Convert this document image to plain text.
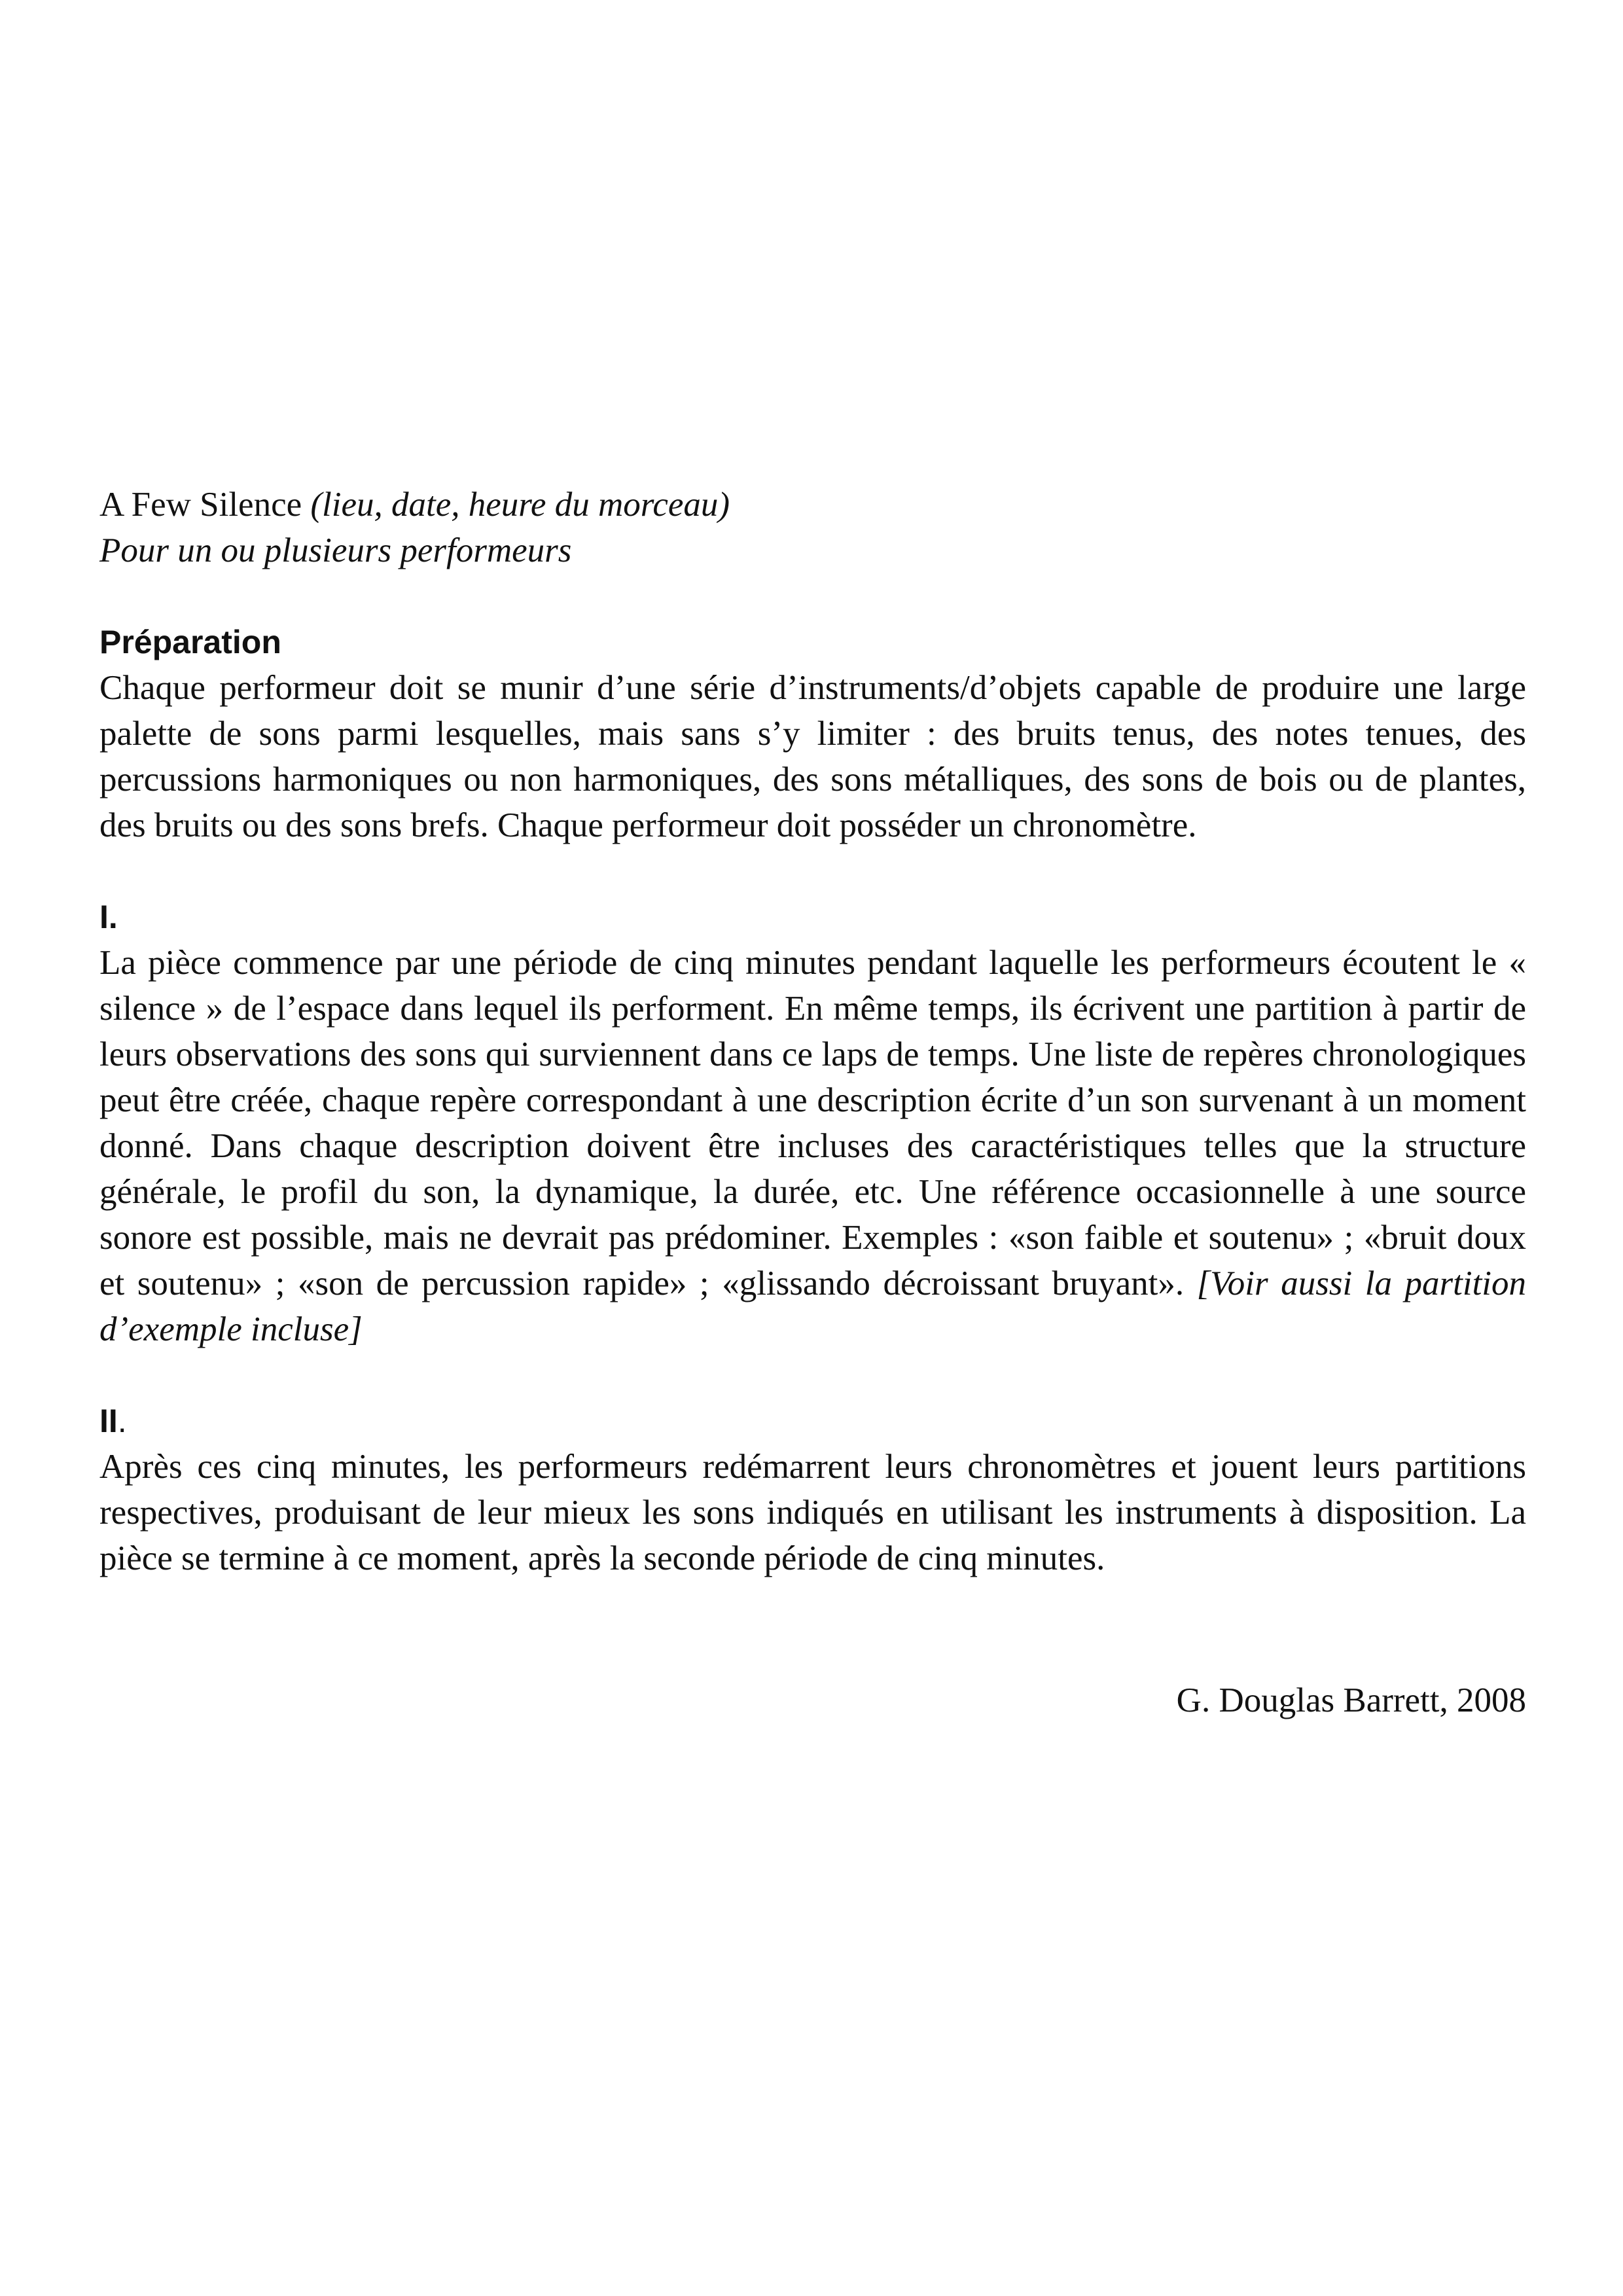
A Few Silence (lieu, date, heure du morceau)

Pour un ou plusieurs performeurs

Préparation

Chaque performeur doit se munir d’une série d’instruments/d’objets capable de produire une large palette de sons parmi lesquelles, mais sans s’y limiter : des bruits tenus, des notes tenues, des percussions harmoniques ou non harmoniques, des sons métalliques, des sons de bois ou de plantes, des bruits ou des sons brefs. Chaque performeur doit posséder un chronomètre.

I.

La pièce commence par une période de cinq minutes pendant laquelle les performeurs écoutent le « silence » de l’espace dans lequel ils performent. En même temps, ils écrivent une partition à partir de leurs observations des sons qui surviennent dans ce laps de temps. Une liste de repères chronologiques peut être créée, chaque repère correspondant à une description écrite d’un son survenant à un moment donné. Dans chaque description doivent être incluses des caractéristiques telles que la structure générale, le profil du son, la dynamique, la durée, etc. Une référence occasionnelle à une source sonore est possible, mais ne devrait pas prédominer. Exemples : «son faible et soutenu» ; «bruit doux et soutenu» ; «son de percussion rapide» ; «glissando décroissant bruyant». [Voir aussi la partition d’exemple incluse]

II.

Après ces cinq minutes, les performeurs redémarrent leurs chronomètres et jouent leurs partitions respectives, produisant de leur mieux les sons indiqués en utilisant les instruments à disposition. La pièce se termine à ce moment, après la seconde période de cinq minutes.

G. Douglas Barrett, 2008
